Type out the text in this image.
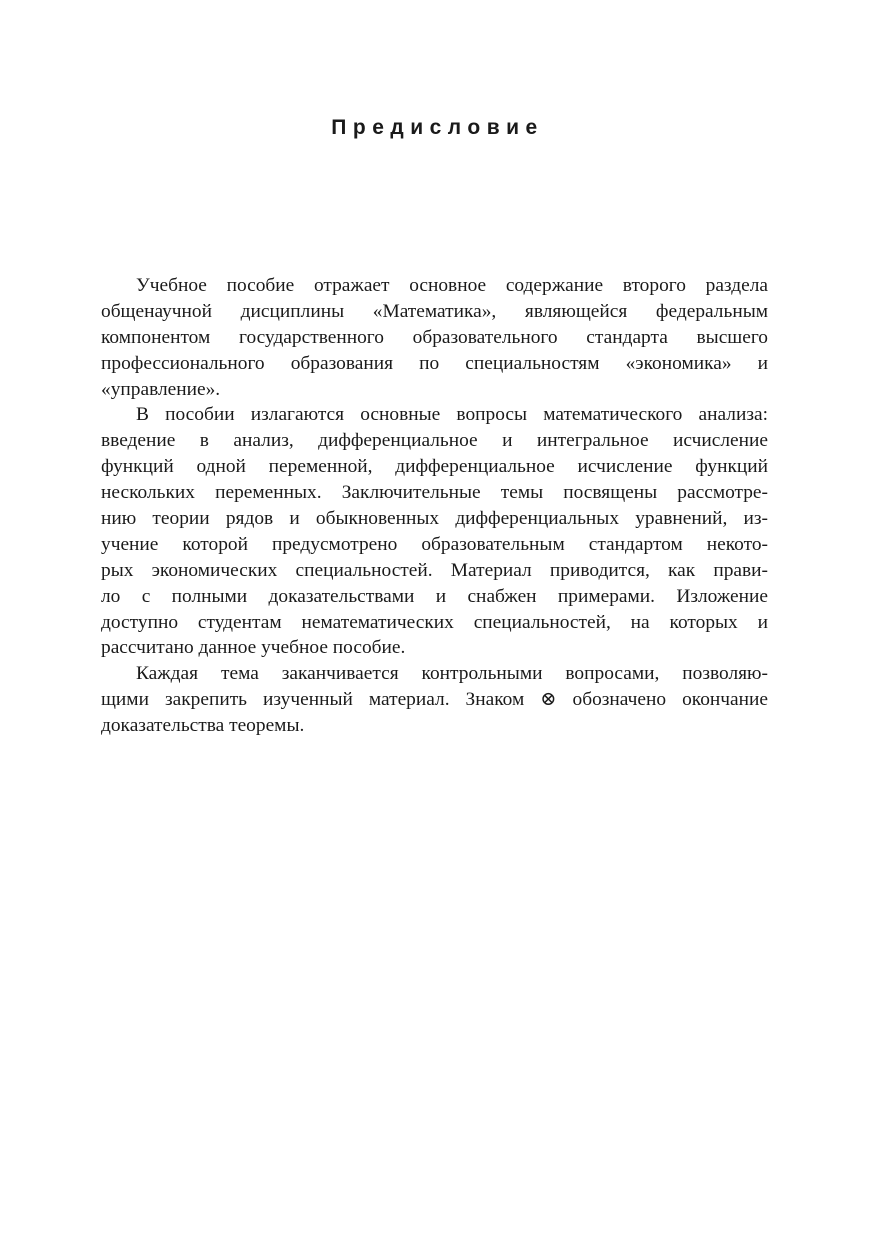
Предисловие
Учебное пособие отражает основное содержание второго раздела
общенаучной дисциплины «Математика», являющейся федеральным
компонентом государственного образовательного стандарта высшего
профессионального образования по специальностям «экономика» и
«управление».
В пособии излагаются основные вопросы математического анализа:
введение в анализ, дифференциальное и интегральное исчисление
функций одной переменной, дифференциальное исчисление функций
нескольких переменных. Заключительные темы посвящены рассмотре-
нию теории рядов и обыкновенных дифференциальных уравнений, из-
учение которой предусмотрено образовательным стандартом некото-
рых экономических специальностей. Материал приводится, как прави-
ло с полными доказательствами и снабжен примерами. Изложение
доступно студентам нематематических специальностей, на которых и
рассчитано данное учебное пособие.
Каждая тема заканчивается контрольными вопросами, позволяю-
щими закрепить изученный материал. Знаком ⊗ обозначено окончание
доказательства теоремы.
